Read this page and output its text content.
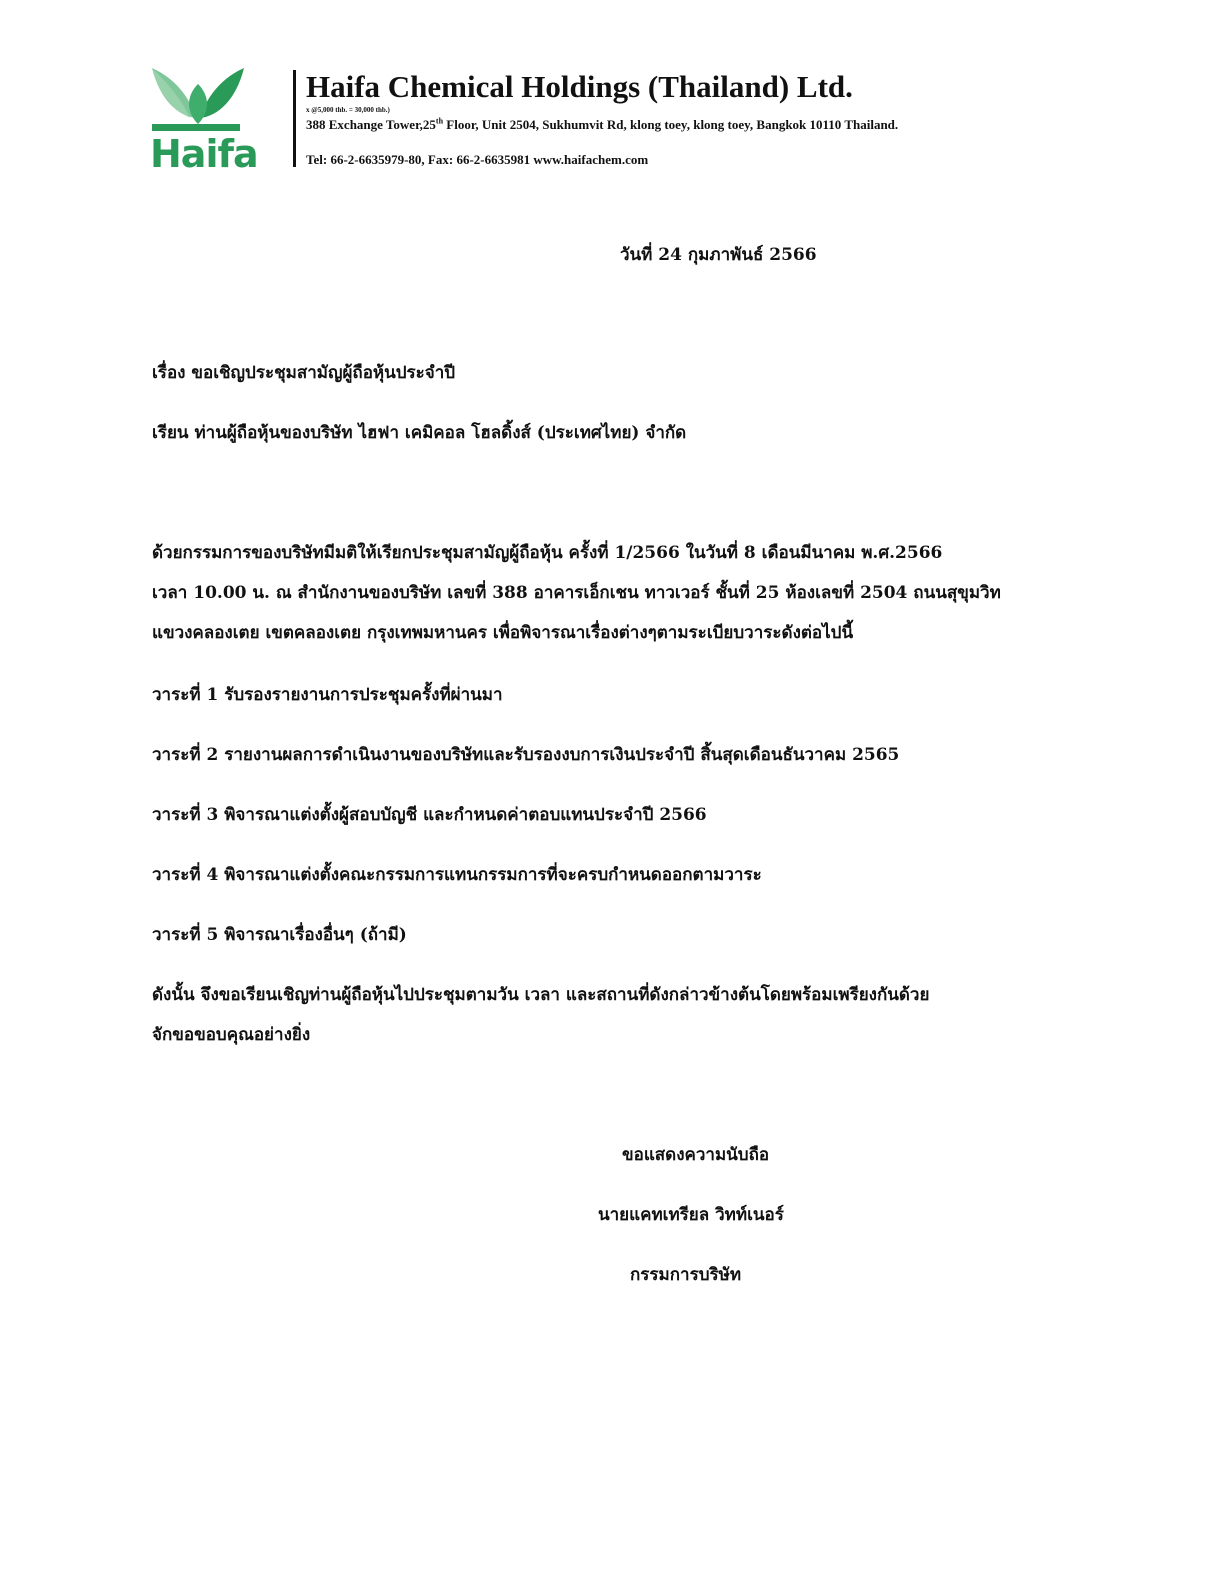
Haifa
Haifa Chemical Holdings (Thailand) Ltd.
x @5,000 thb. = 30,000 thb.)
388 Exchange Tower,25th Floor, Unit 2504, Sukhumvit Rd, klong toey, klong toey, Bangkok 10110 Thailand.
Tel: 66-2-6635979-80, Fax: 66-2-6635981 www.haifachem.com
วันที่ 24 กุมภาพันธ์ 2566
เรื่อง ขอเชิญประชุมสามัญผู้ถือหุ้นประจำปี
เรียน ท่านผู้ถือหุ้นของบริษัท ไฮฟา เคมิคอล โฮลดิ้งส์ (ประเทศไทย) จำกัด
ด้วยกรรมการของบริษัทมีมติให้เรียกประชุมสามัญผู้ถือหุ้น ครั้งที่ 1/2566 ในวันที่ 8 เดือนมีนาคม พ.ศ.2566
เวลา 10.00 น. ณ สำนักงานของบริษัท เลขที่ 388 อาคารเอ็กเชน ทาวเวอร์ ชั้นที่ 25 ห้องเลขที่ 2504 ถนนสุขุมวิท
แขวงคลองเตย เขตคลองเตย กรุงเทพมหานคร เพื่อพิจารณาเรื่องต่างๆตามระเบียบวาระดังต่อไปนี้
วาระที่ 1 รับรองรายงานการประชุมครั้งที่ผ่านมา
วาระที่ 2 รายงานผลการดำเนินงานของบริษัทและรับรองงบการเงินประจำปี สิ้นสุดเดือนธันวาคม 2565
วาระที่ 3 พิจารณาแต่งตั้งผู้สอบบัญชี และกำหนดค่าตอบแทนประจำปี 2566
วาระที่ 4 พิจารณาแต่งตั้งคณะกรรมการแทนกรรมการที่จะครบกำหนดออกตามวาระ
วาระที่ 5 พิจารณาเรื่องอื่นๆ (ถ้ามี)
ดังนั้น จึงขอเรียนเชิญท่านผู้ถือหุ้นไปประชุมตามวัน เวลา และสถานที่ดังกล่าวข้างต้นโดยพร้อมเพรียงกันด้วย
จักขอขอบคุณอย่างยิ่ง
ขอแสดงความนับถือ
นายแคทเทรียล วิทท์เนอร์
กรรมการบริษัท
